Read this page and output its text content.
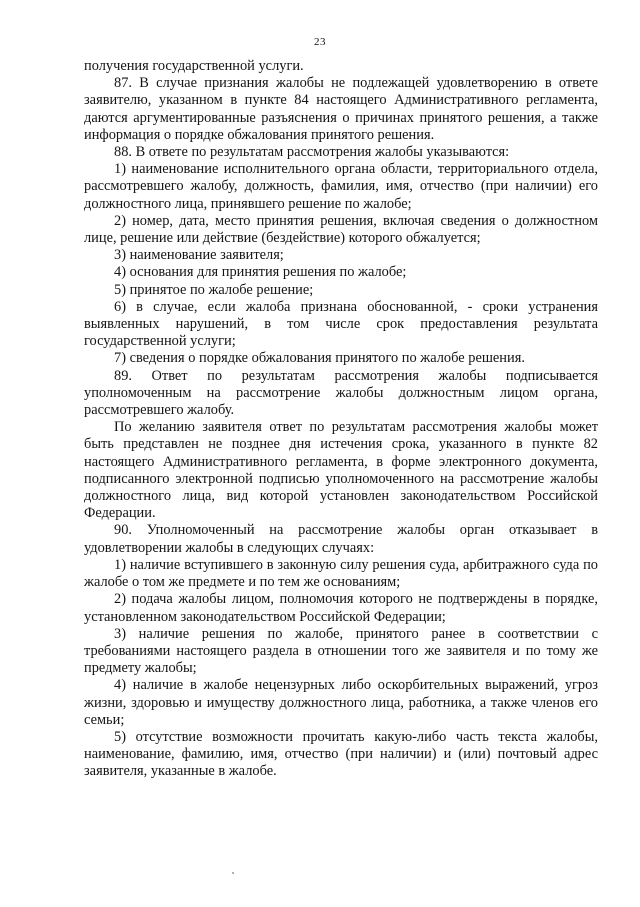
23

получения государственной услуги.

87. В случае признания жалобы не подлежащей удовлетворению в ответе заявителю, указанном в пункте 84 настоящего Административного регламента, даются аргументированные разъяснения о причинах принятого решения, а также информация о порядке обжалования принятого решения.

88. В ответе по результатам рассмотрения жалобы указываются:

1) наименование исполнительного органа области, территориального отдела, рассмотревшего жалобу, должность, фамилия, имя, отчество (при наличии) его должностного лица, принявшего решение по жалобе;

2) номер, дата, место принятия решения, включая сведения о должностном лице, решение или действие (бездействие) которого обжалуется;

3) наименование заявителя;

4) основания для принятия решения по жалобе;

5) принятое по жалобе решение;

6) в случае, если жалоба признана обоснованной, - сроки устранения выявленных нарушений, в том числе срок предоставления результата государственной услуги;

7) сведения о порядке обжалования принятого по жалобе решения.

89. Ответ по результатам рассмотрения жалобы подписывается уполномоченным на рассмотрение жалобы должностным лицом органа, рассмотревшего жалобу.

По желанию заявителя ответ по результатам рассмотрения жалобы может быть представлен не позднее дня истечения срока, указанного в пункте 82 настоящего Административного регламента, в форме электронного документа, подписанного электронной подписью уполномоченного на рассмотрение жалобы должностного лица, вид которой установлен законодательством Российской Федерации.

90. Уполномоченный на рассмотрение жалобы орган отказывает в удовлетворении жалобы в следующих случаях:

1) наличие вступившего в законную силу решения суда, арбитражного суда по жалобе о том же предмете и по тем же основаниям;

2) подача жалобы лицом, полномочия которого не подтверждены в порядке, установленном законодательством Российской Федерации;

3) наличие решения по жалобе, принятого ранее в соответствии с требованиями настоящего раздела в отношении того же заявителя и по тому же предмету жалобы;

4) наличие в жалобе нецензурных либо оскорбительных выражений, угроз жизни, здоровью и имуществу должностного лица, работника, а также членов его семьи;

5) отсутствие возможности прочитать какую-либо часть текста жалобы, наименование, фамилию, имя, отчество (при наличии) и (или) почтовый адрес заявителя, указанные в жалобе.
